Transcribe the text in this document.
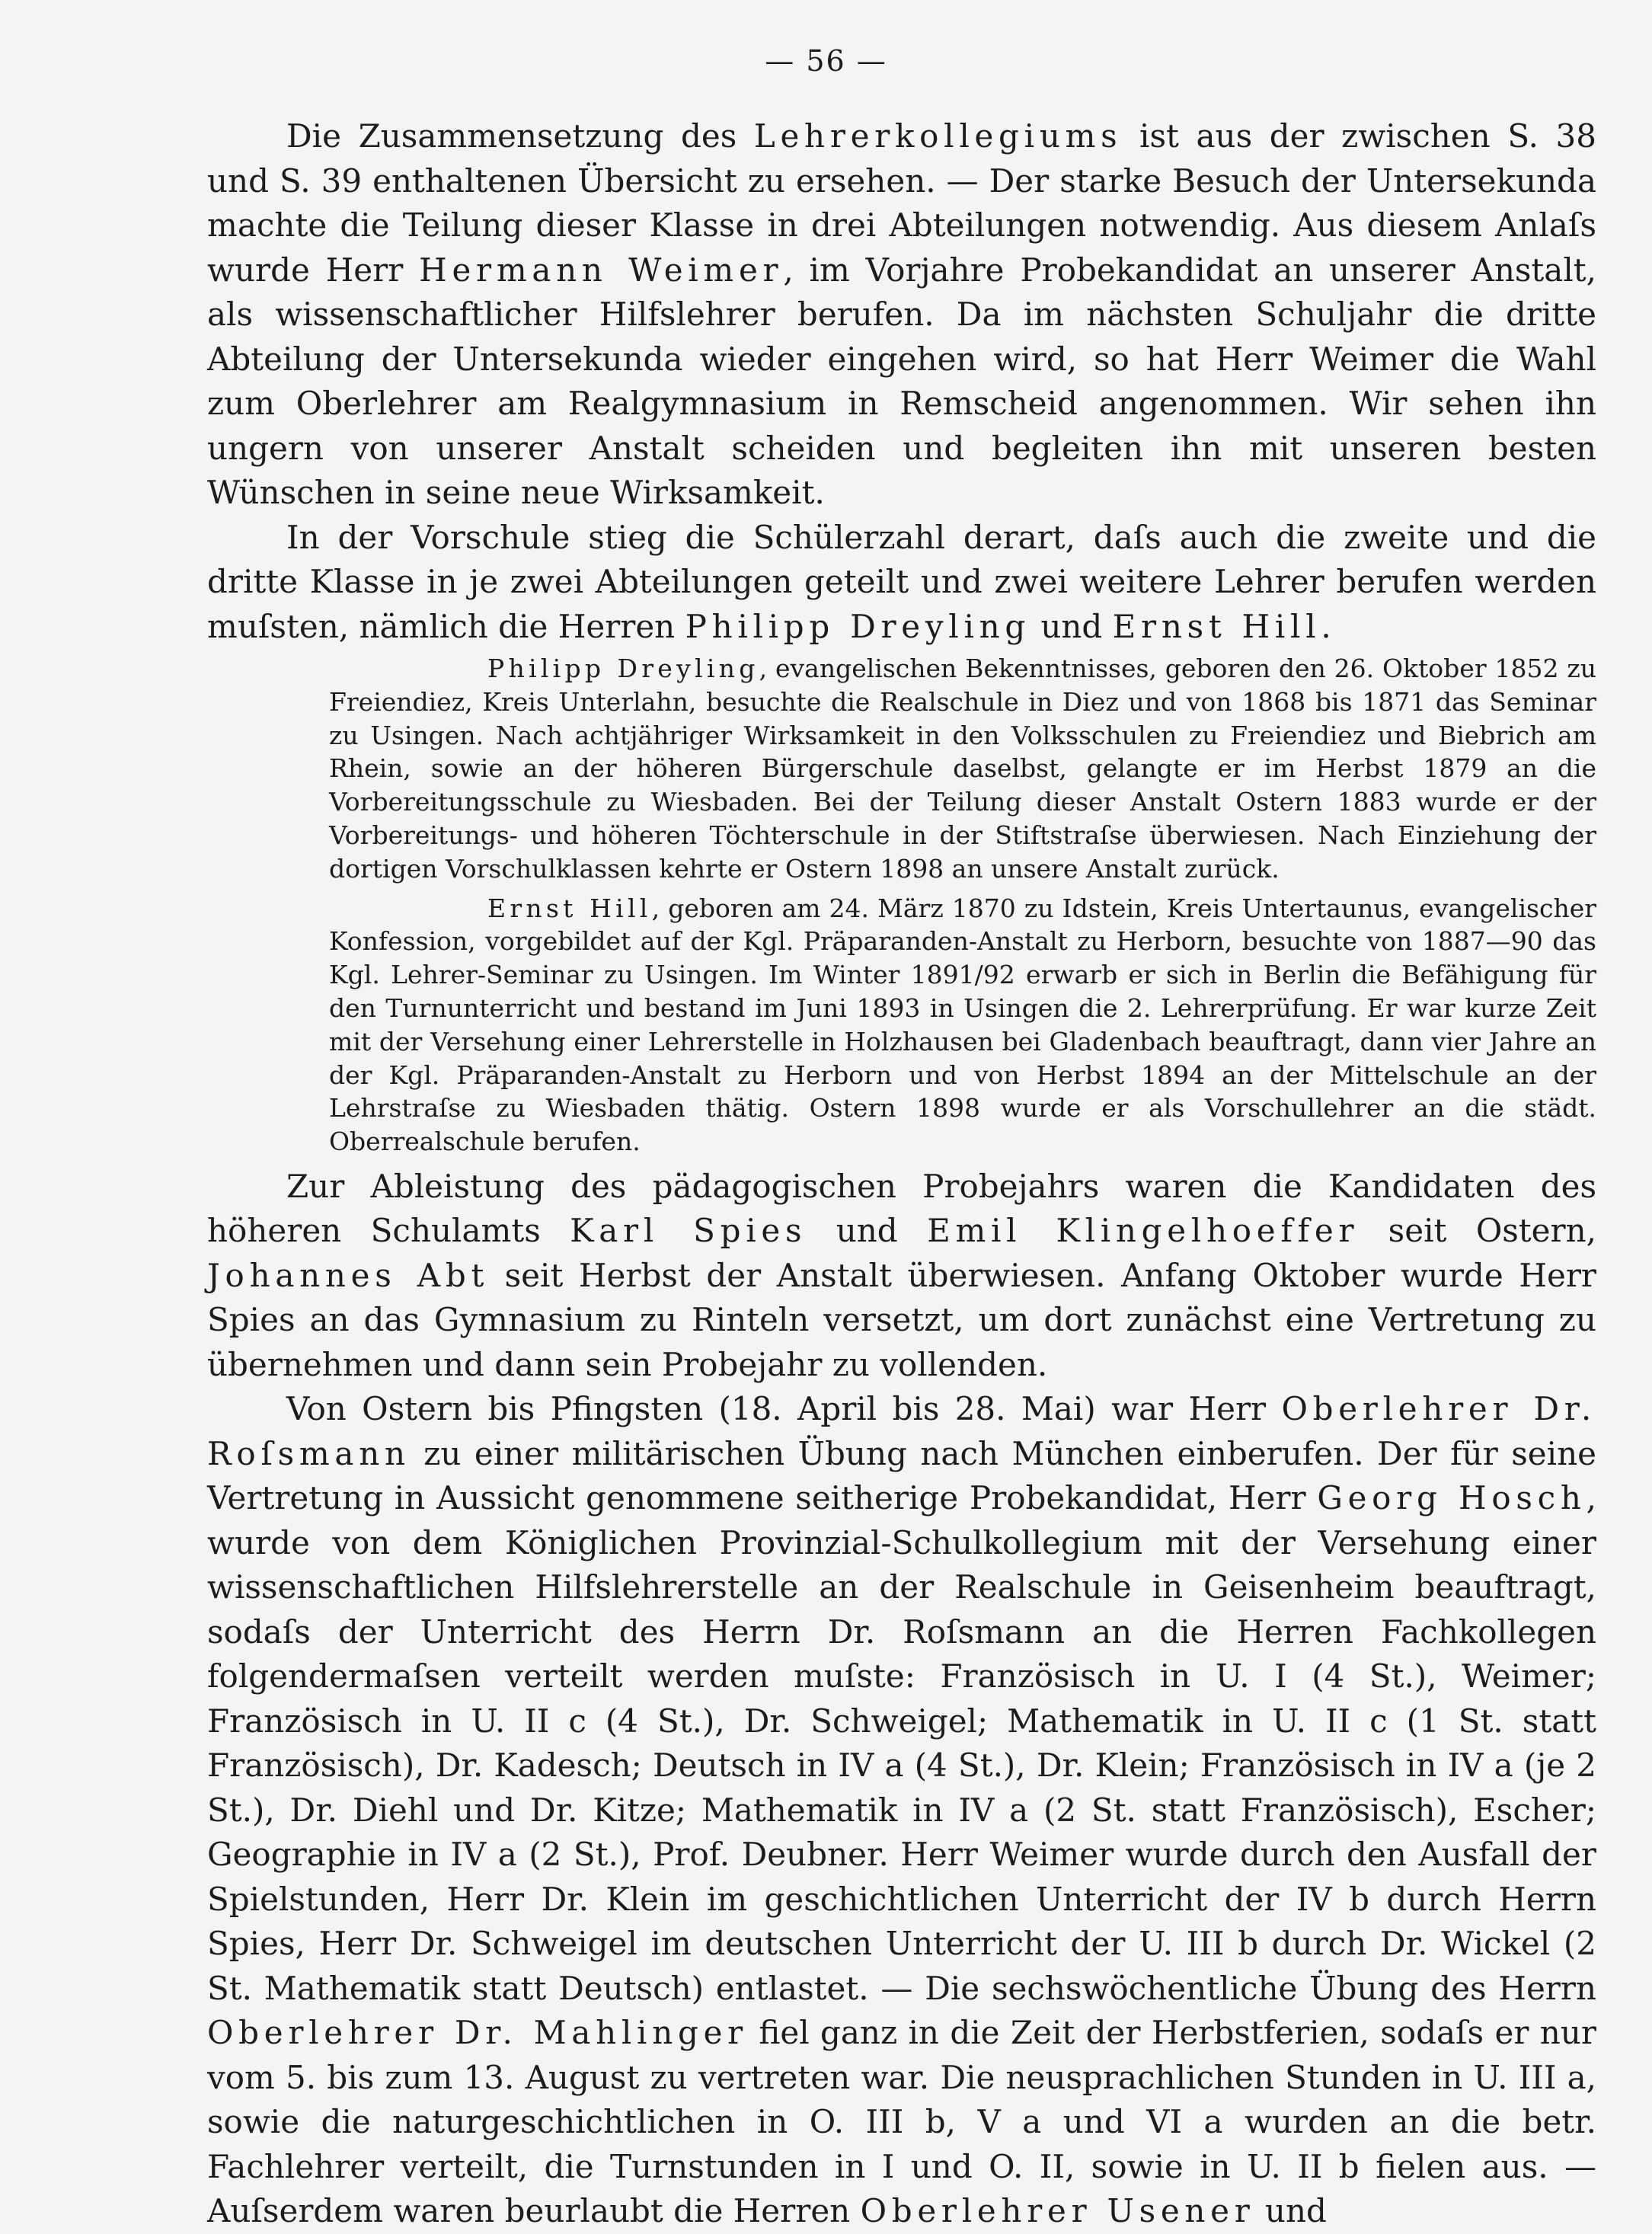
— 56 —

Die Zusammensetzung des Lehrerkollegiums ist aus der zwischen S. 38 und S. 39 enthaltenen Übersicht zu ersehen. — Der starke Besuch der Untersekunda machte die Teilung dieser Klasse in drei Abteilungen notwendig. Aus diesem Anlaſs wurde Herr Hermann Weimer, im Vorjahre Probekandidat an unserer Anstalt, als wissenschaftlicher Hilfslehrer berufen. Da im nächsten Schuljahr die dritte Abteilung der Untersekunda wieder eingehen wird, so hat Herr Weimer die Wahl zum Oberlehrer am Realgymnasium in Remscheid angenommen. Wir sehen ihn ungern von unserer Anstalt scheiden und begleiten ihn mit unseren besten Wünschen in seine neue Wirksamkeit.

In der Vorschule stieg die Schülerzahl derart, daſs auch die zweite und die dritte Klasse in je zwei Abteilungen geteilt und zwei weitere Lehrer berufen werden muſsten, nämlich die Herren Philipp Dreyling und Ernst Hill.

Philipp Dreyling, evangelischen Bekenntnisses, geboren den 26. Oktober 1852 zu Freiendiez, Kreis Unterlahn, besuchte die Realschule in Diez und von 1868 bis 1871 das Seminar zu Usingen. Nach achtjähriger Wirksamkeit in den Volksschulen zu Freiendiez und Biebrich am Rhein, sowie an der höheren Bürgerschule daselbst, gelangte er im Herbst 1879 an die Vorbereitungsschule zu Wiesbaden. Bei der Teilung dieser Anstalt Ostern 1883 wurde er der Vorbereitungs- und höheren Töchterschule in der Stiftstraſse überwiesen. Nach Einziehung der dortigen Vorschulklassen kehrte er Ostern 1898 an unsere Anstalt zurück.

Ernst Hill, geboren am 24. März 1870 zu Idstein, Kreis Untertaunus, evangelischer Konfession, vorgebildet auf der Kgl. Präparanden-Anstalt zu Herborn, besuchte von 1887—90 das Kgl. Lehrer-Seminar zu Usingen. Im Winter 1891/92 erwarb er sich in Berlin die Befähigung für den Turnunterricht und bestand im Juni 1893 in Usingen die 2. Lehrerprüfung. Er war kurze Zeit mit der Versehung einer Lehrerstelle in Holzhausen bei Gladenbach beauftragt, dann vier Jahre an der Kgl. Präparanden-Anstalt zu Herborn und von Herbst 1894 an der Mittelschule an der Lehrstraſse zu Wiesbaden thätig. Ostern 1898 wurde er als Vorschullehrer an die städt. Oberrealschule berufen.

Zur Ableistung des pädagogischen Probejahrs waren die Kandidaten des höheren Schulamts Karl Spies und Emil Klingelhoeffer seit Ostern, Johannes Abt seit Herbst der Anstalt überwiesen. Anfang Oktober wurde Herr Spies an das Gymnasium zu Rinteln versetzt, um dort zunächst eine Vertretung zu übernehmen und dann sein Probejahr zu vollenden.

Von Ostern bis Pfingsten (18. April bis 28. Mai) war Herr Oberlehrer Dr. Roſsmann zu einer militärischen Übung nach München einberufen. Der für seine Vertretung in Aussicht genommene seitherige Probekandidat, Herr Georg Hosch, wurde von dem Königlichen Provinzial-Schulkollegium mit der Versehung einer wissenschaftlichen Hilfslehrerstelle an der Realschule in Geisenheim beauftragt, sodaſs der Unterricht des Herrn Dr. Roſsmann an die Herren Fachkollegen folgendermaſsen verteilt werden muſste: Französisch in U. I (4 St.), Weimer; Französisch in U. II c (4 St.), Dr. Schweigel; Mathematik in U. II c (1 St. statt Französisch), Dr. Kadesch; Deutsch in IV a (4 St.), Dr. Klein; Französisch in IV a (je 2 St.), Dr. Diehl und Dr. Kitze; Mathematik in IV a (2 St. statt Französisch), Escher; Geographie in IV a (2 St.), Prof. Deubner. Herr Weimer wurde durch den Ausfall der Spielstunden, Herr Dr. Klein im geschichtlichen Unterricht der IV b durch Herrn Spies, Herr Dr. Schweigel im deutschen Unterricht der U. III b durch Dr. Wickel (2 St. Mathematik statt Deutsch) entlastet. — Die sechswöchentliche Übung des Herrn Oberlehrer Dr. Mahlinger fiel ganz in die Zeit der Herbstferien, sodaſs er nur vom 5. bis zum 13. August zu vertreten war. Die neusprachlichen Stunden in U. III a, sowie die naturgeschichtlichen in O. III b, V a und VI a wurden an die betr. Fachlehrer verteilt, die Turnstunden in I und O. II, sowie in U. II b fielen aus. — Auſserdem waren beurlaubt die Herren Oberlehrer Usener und
